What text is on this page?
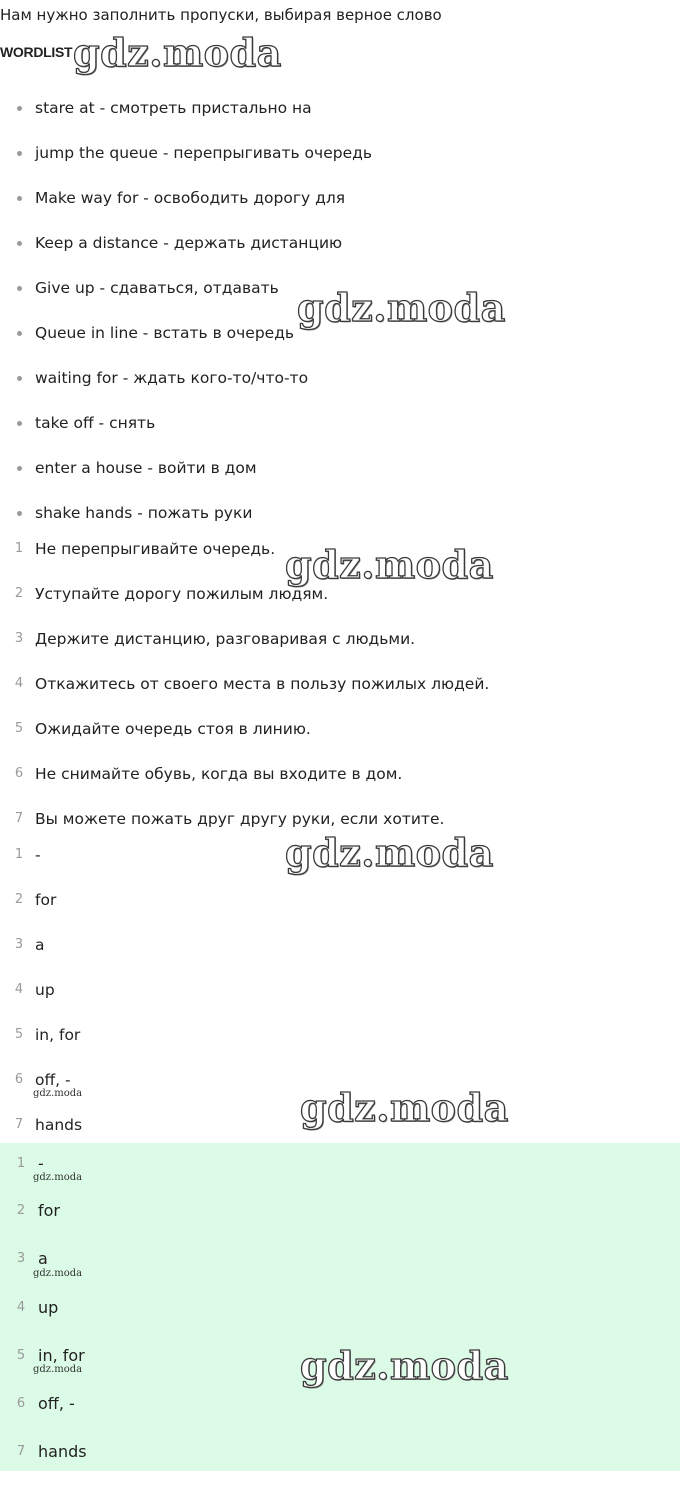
Нам нужно заполнить пропуски, выбирая верное слово
WORDLIST
stare at - смотреть пристально на
jump the queue - перепрыгивать очередь
Make way for - освободить дорогу для
Keep a distance - держать дистанцию
Give up - сдаваться, отдавать
Queue in line - встать в очередь
waiting for - ждать кого-то/что-то
take off - снять
enter a house - войти в дом
shake hands - пожать руки
1 Не перепрыгивайте очередь.
2 Уступайте дорогу пожилым людям.
3 Держите дистанцию, разговаривая с людьми.
4 Откажитесь от своего места в пользу пожилых людей.
5 Ожидайте очередь стоя в линию.
6 Не снимайте обувь, когда вы входите в дом.
7 Вы можете пожать друг другу руки, если хотите.
1 -
2 for
3 a
4 up
5 in, for
6 off, -
7 hands
1 -
2 for
3 a
4 up
5 in, for
6 off, -
7 hands
gdz.moda
gdz.moda
gdz.moda
gdz.moda
gdz.moda
gdz.moda
gdz.moda
gdz.moda
gdz.moda
gdz.moda
